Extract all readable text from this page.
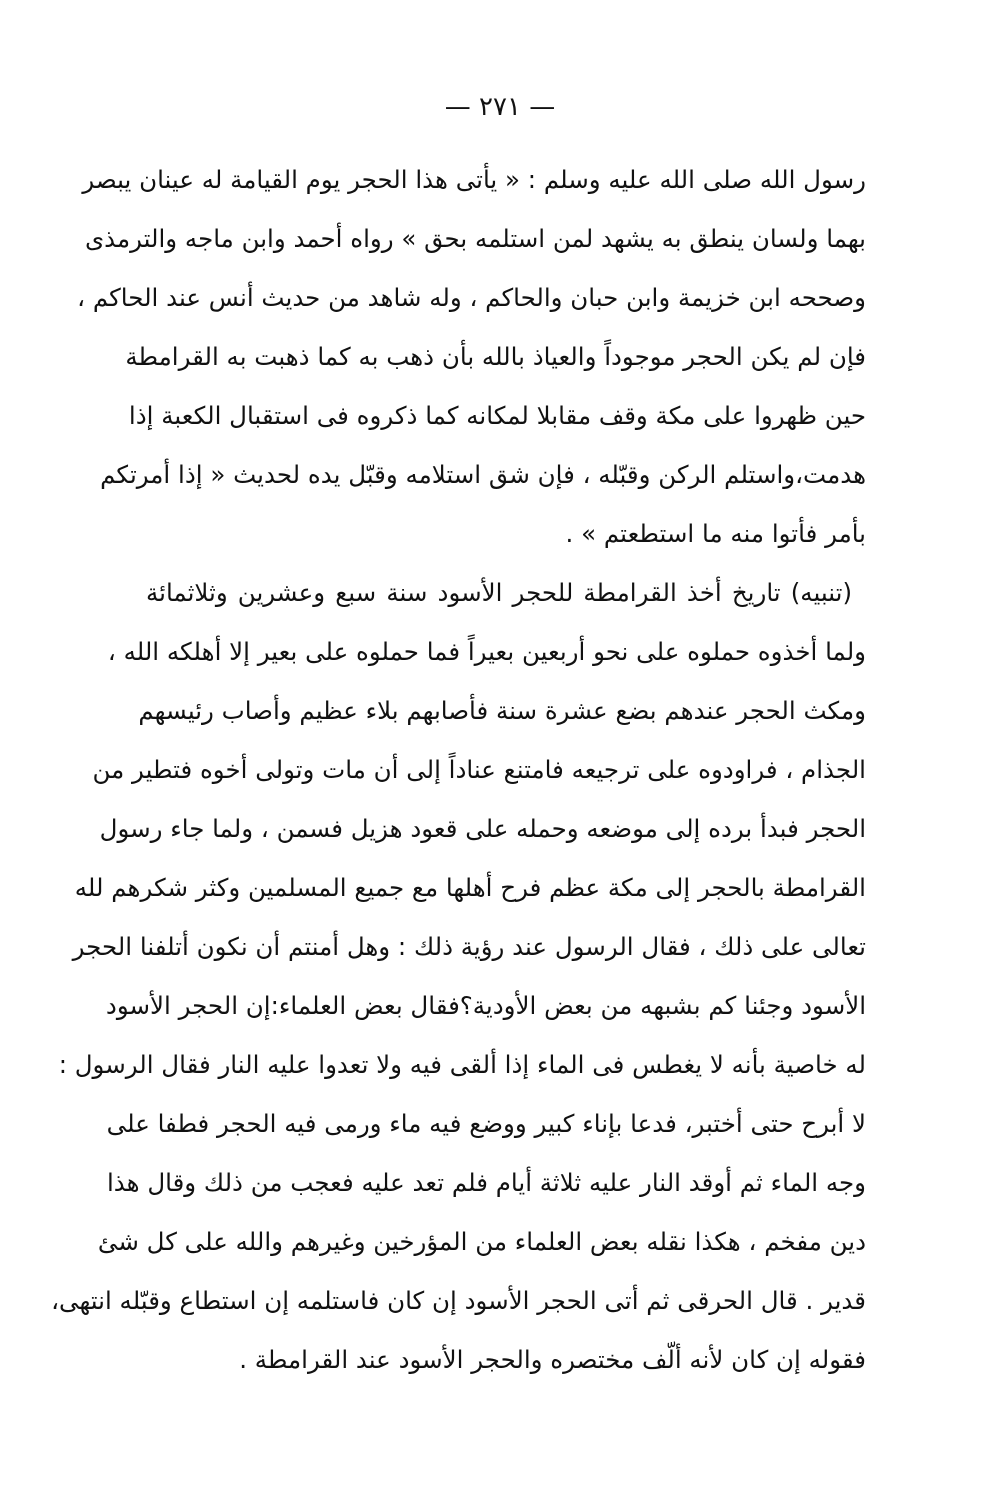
— ٢٧١ —
رسول الله صلى الله عليه وسلم : « يأتى هذا الحجر يوم القيامة له عينان يبصر
بهما ولسان ينطق به يشهد لمن استلمه بحق » رواه أحمد وابن ماجه والترمذى
وصححه ابن خزيمة وابن حبان والحاكم ، وله شاهد من حديث أنس عند الحاكم ،
فإن لم يكن الحجر موجوداً والعياذ بالله بأن ذهب به كما ذهبت به القرامطة
حين ظهروا على مكة وقف مقابلا لمكانه كما ذكروه فى استقبال الكعبة إذا
هدمت،واستلم الركن وقبّله ، فإن شق استلامه وقبّل يده لحديث « إذا أمرتكم
بأمر فأتوا منه ما استطعتم » .
(تنبيه) تاريخ أخذ القرامطة للحجر الأسود سنة سبع وعشرين وثلاثمائة
ولما أخذوه حملوه على نحو أربعين بعيراً فما حملوه على بعير إلا أهلكه الله ،
ومكث الحجر عندهم بضع عشرة سنة فأصابهم بلاء عظيم وأصاب رئيسهم
الجذام ، فراودوه على ترجيعه فامتنع عناداً إلى أن مات وتولى أخوه فتطير من
الحجر فبدأ برده إلى موضعه وحمله على قعود هزيل فسمن ، ولما جاء رسول
القرامطة بالحجر إلى مكة عظم فرح أهلها مع جميع المسلمين وكثر شكرهم لله
تعالى على ذلك ، فقال الرسول عند رؤية ذلك : وهل أمنتم أن نكون أتلفنا الحجر
الأسود وجئنا كم بشبهه من بعض الأودية؟فقال بعض العلماء:إن الحجر الأسود
له خاصية بأنه لا يغطس فى الماء إذا ألقى فيه ولا تعدوا عليه النار فقال الرسول :
لا أبرح حتى أختبر، فدعا بإناء كبير ووضع فيه ماء ورمى فيه الحجر فطفا على
وجه الماء ثم أوقد النار عليه ثلاثة أيام فلم تعد عليه فعجب من ذلك وقال هذا
دين مفخم ، هكذا نقله بعض العلماء من المؤرخين وغيرهم والله على كل شئ
قدير . قال الحرقى ثم أتى الحجر الأسود إن كان فاستلمه إن استطاع وقبّله انتهى،
فقوله إن كان لأنه ألّف مختصره والحجر الأسود عند القرامطة .
